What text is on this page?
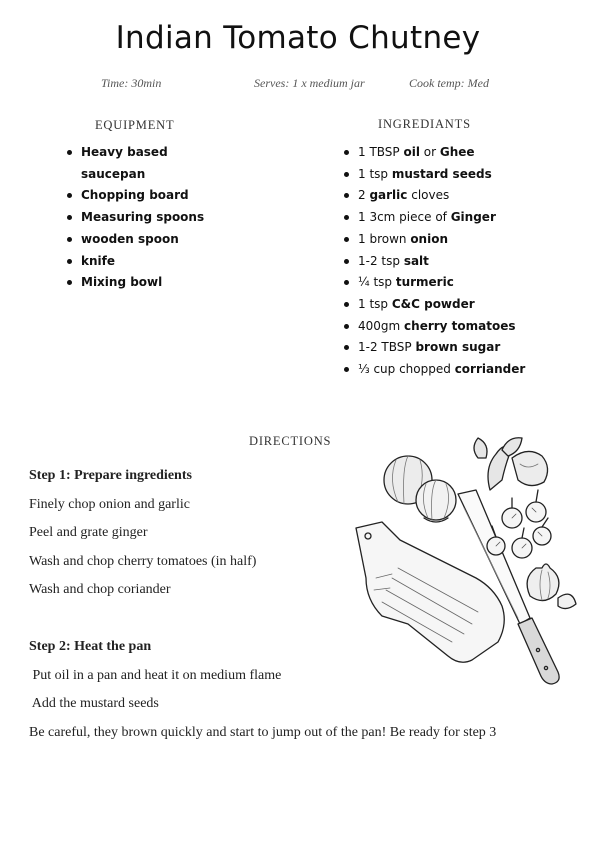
Indian Tomato Chutney
Time: 30min	Serves: 1 x medium jar	Cook temp: Med
EQUIPMENT	INGREDIANTS
Heavy based
saucepan
Chopping board
Measuring spoons
wooden spoon
knife
Mixing bowl
1 TBSP oil or Ghee
1 tsp mustard seeds
2 garlic cloves
1 3cm piece of Ginger
1 brown onion
1-2 tsp salt
¼ tsp turmeric
1 tsp C&C powder
400gm cherry tomatoes
1-2 TBSP brown sugar
⅓ cup chopped corriander
DIRECTIONS
Step 1: Prepare ingredients
Finely chop onion and garlic
Peel and grate ginger
Wash and chop cherry tomatoes (in half)
Wash and chop coriander
Step 2: Heat the pan
Put oil in a pan and heat it on medium flame
Add the mustard seeds
Be careful, they brown quickly and start to jump out of the pan! Be ready for step 3
